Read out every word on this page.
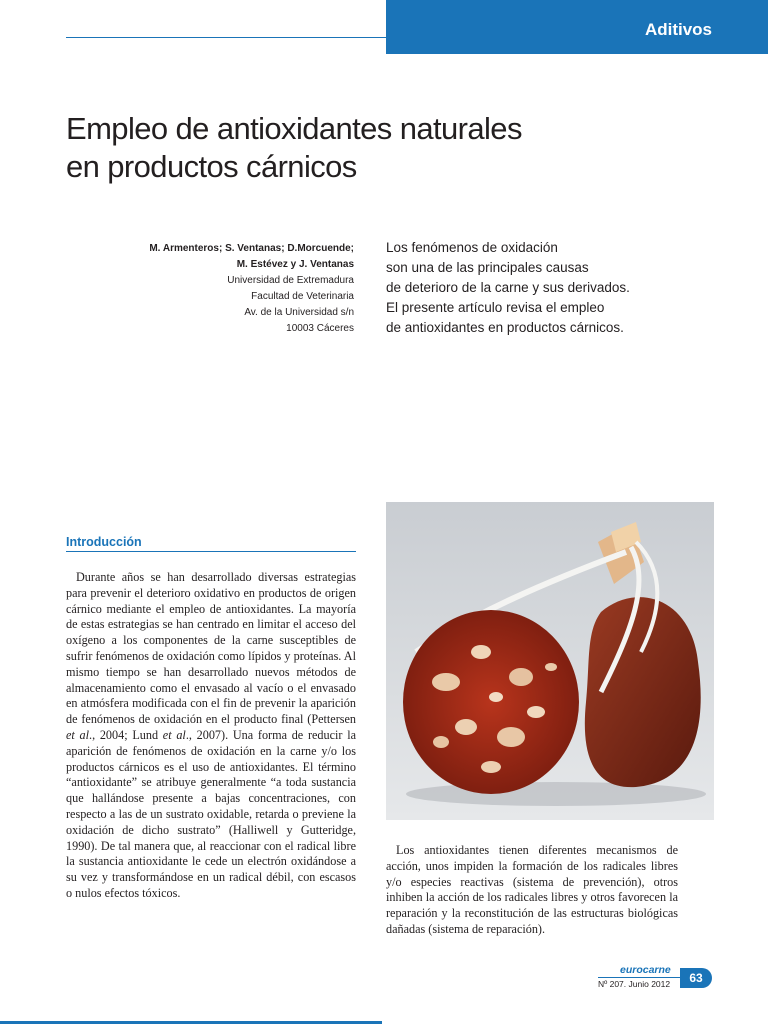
Aditivos
Empleo de antioxidantes naturales
en productos cárnicos
M. Armenteros; S. Ventanas; D.Morcuende;
M. Estévez y J. Ventanas
Universidad de Extremadura
Facultad de Veterinaria
Av. de la Universidad s/n
10003 Cáceres
Los fenómenos de oxidación
son una de las principales causas
de deterioro de la carne y sus derivados.
El presente artículo revisa el empleo
de antioxidantes en productos cárnicos.
Introducción

Durante años se han desarrollado diversas estrategias para prevenir el deterioro oxidativo en productos de origen cárnico mediante el empleo de antioxidantes. La mayoría de estas estrategias se han centrado en limitar el acceso del oxígeno a los componentes de la carne susceptibles de sufrir fenómenos de oxidación como lípidos y proteínas. Al mismo tiempo se han desarrollado nuevos métodos de almacenamiento como el envasado al vacío o el envasado en atmósfera modificada con el fin de prevenir la aparición de fenómenos de oxidación en el producto final (Pettersen et al., 2004; Lund et al., 2007). Una forma de reducir la aparición de fenómenos de oxidación en la carne y/o los productos cárnicos es el uso de antioxidantes. El término “antioxidante” se atribuye generalmente “a toda sustancia que hallándose presente a bajas concentraciones, con respecto a las de un sustrato oxidable, retarda o previene la oxidación de dicho sustrato” (Halliwell y Gutteridge, 1990). De tal manera que, al reaccionar con el radical libre la sustancia antioxidante le cede un electrón oxidándose a su vez y transformándose en un radical débil, con escasos o nulos efectos tóxicos.

Los antioxidantes tienen diferentes mecanismos de acción, unos impiden la formación de los radicales libres y/o especies reactivas (sistema de prevención), otros inhiben la acción de los radicales libres y otros favorecen la reparación y la reconstitución de las estructuras biológicas dañadas (sistema de reparación).

eurocarne
Nº 207. Junio 2012	63
